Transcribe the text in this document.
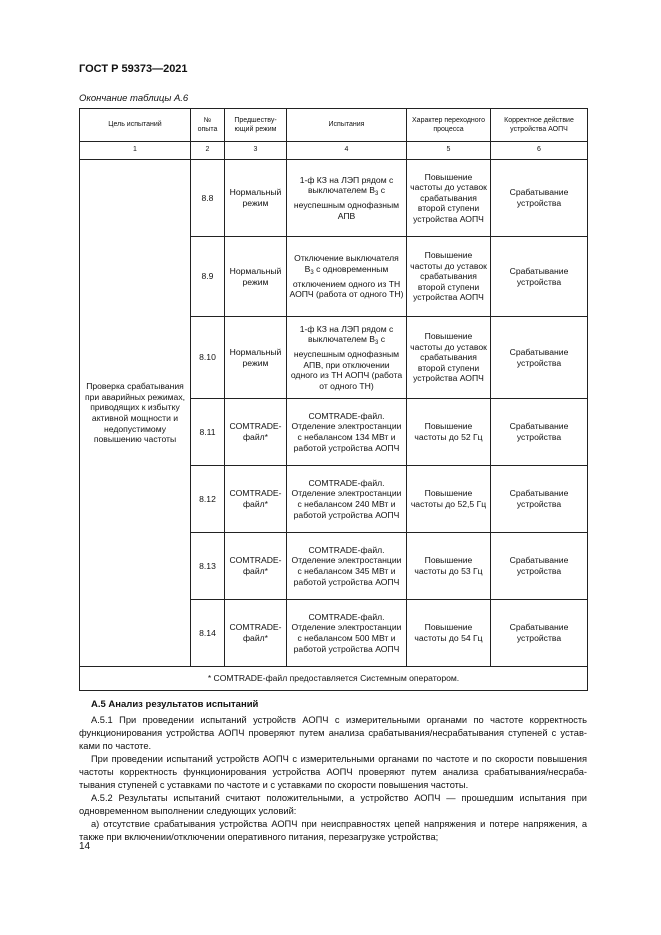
ГОСТ Р 59373—2021
Окончание таблицы А.6
Цель испытаний	№ опыта	Предшествующий режим	Испытания	Характер переходного процесса	Корректное действие устройства АОПЧ
1	2	3	4	5	6
Проверка срабатывания при аварийных режимах, приводящих к избытку активной мощности и недопустимому повышению частоты	8.8	Нормальный режим	1-ф КЗ на ЛЭП рядом с выключателем $В_3$ с неуспешным однофазным АПВ	Повышение частоты до уставок срабатывания второй ступени устройства АОПЧ	Срабатывание устройства
	8.9	Нормальный режим	Отключение выключателя $В_3$ с одновременным отключением одного из ТН АОПЧ (работа от одного ТН)	Повышение частоты до уставок срабатывания второй ступени устройства АОПЧ	Срабатывание устройства
	8.10	Нормальный режим	1-ф КЗ на ЛЭП рядом с выключателем $В_3$ с неуспешным однофазным АПВ, при отключении одного из ТН АОПЧ (работа от одного ТН)	Повышение частоты до уставок срабатывания второй ступени устройства АОПЧ	Срабатывание устройства
	8.11	COMTRADE-файл*	COMTRADE-файл. Отделение электростанции с небалансом 134 МВт и работой устройства АОПЧ	Повышение частоты до 52 Гц	Срабатывание устройства
	8.12	COMTRADE-файл*	COMTRADE-файл. Отделение электростанции с небалансом 240 МВт и работой устройства АОПЧ	Повышение частоты до 52,5 Гц	Срабатывание устройства
	8.13	COMTRADE-файл*	COMTRADE-файл. Отделение электростанции с небалансом 345 МВт и работой устройства АОПЧ	Повышение частоты до 53 Гц	Срабатывание устройства
	8.14	COMTRADE-файл*	COMTRADE-файл. Отделение электростанции с небалансом 500 МВт и работой устройства АОПЧ	Повышение частоты до 54 Гц	Срабатывание устройства
* COMTRADE-файл предоставляется Системным оператором.					
А.5 Анализ результатов испытаний

А.5.1 При проведении испытаний устройств АОПЧ с измерительными органами по частоте корректность функционирования устройства АОПЧ проверяют путем анализа срабатывания/несрабатывания ступеней с уставками по частоте.

При проведении испытаний устройств АОПЧ с измерительными органами по частоте и по скорости повышения частоты корректность функционирования устройства АОПЧ проверяют путем анализа срабатывания/несрабатывания ступеней с уставками по частоте и с уставками по скорости повышения частоты.

А.5.2 Результаты испытаний считают положительными, а устройство АОПЧ — прошедшим испытания при одновременном выполнении следующих условий:

а) отсутствие срабатывания устройства АОПЧ при неисправностях цепей напряжения и потере напряжения, а также при включении/отключении оперативного питания, перезагрузке устройства;

14
